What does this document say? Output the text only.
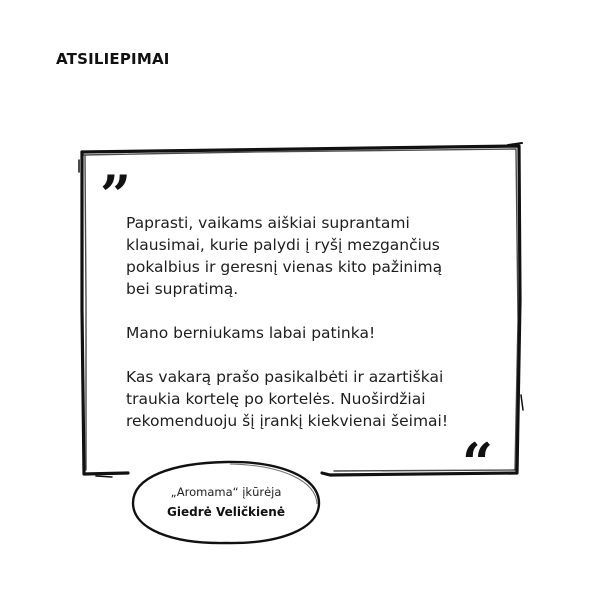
ATSILIEPIMAI
”

Paprasti, vaikams aiškiai suprantami
klausimai, kurie palydi į ryšį mezgančius
pokalbius ir geresnį vienas kito pažinimą
bei supratimą.

Mano berniukams labai patinka!

Kas vakarą prašo pasikalbėti ir azartiškai
traukia kortelę po kortelės. Nuoširdžiai
rekomenduoju šį įrankį kiekvienai šeimai!

“
„Aromama“ įkūrėja
Giedrė Veličkienė
